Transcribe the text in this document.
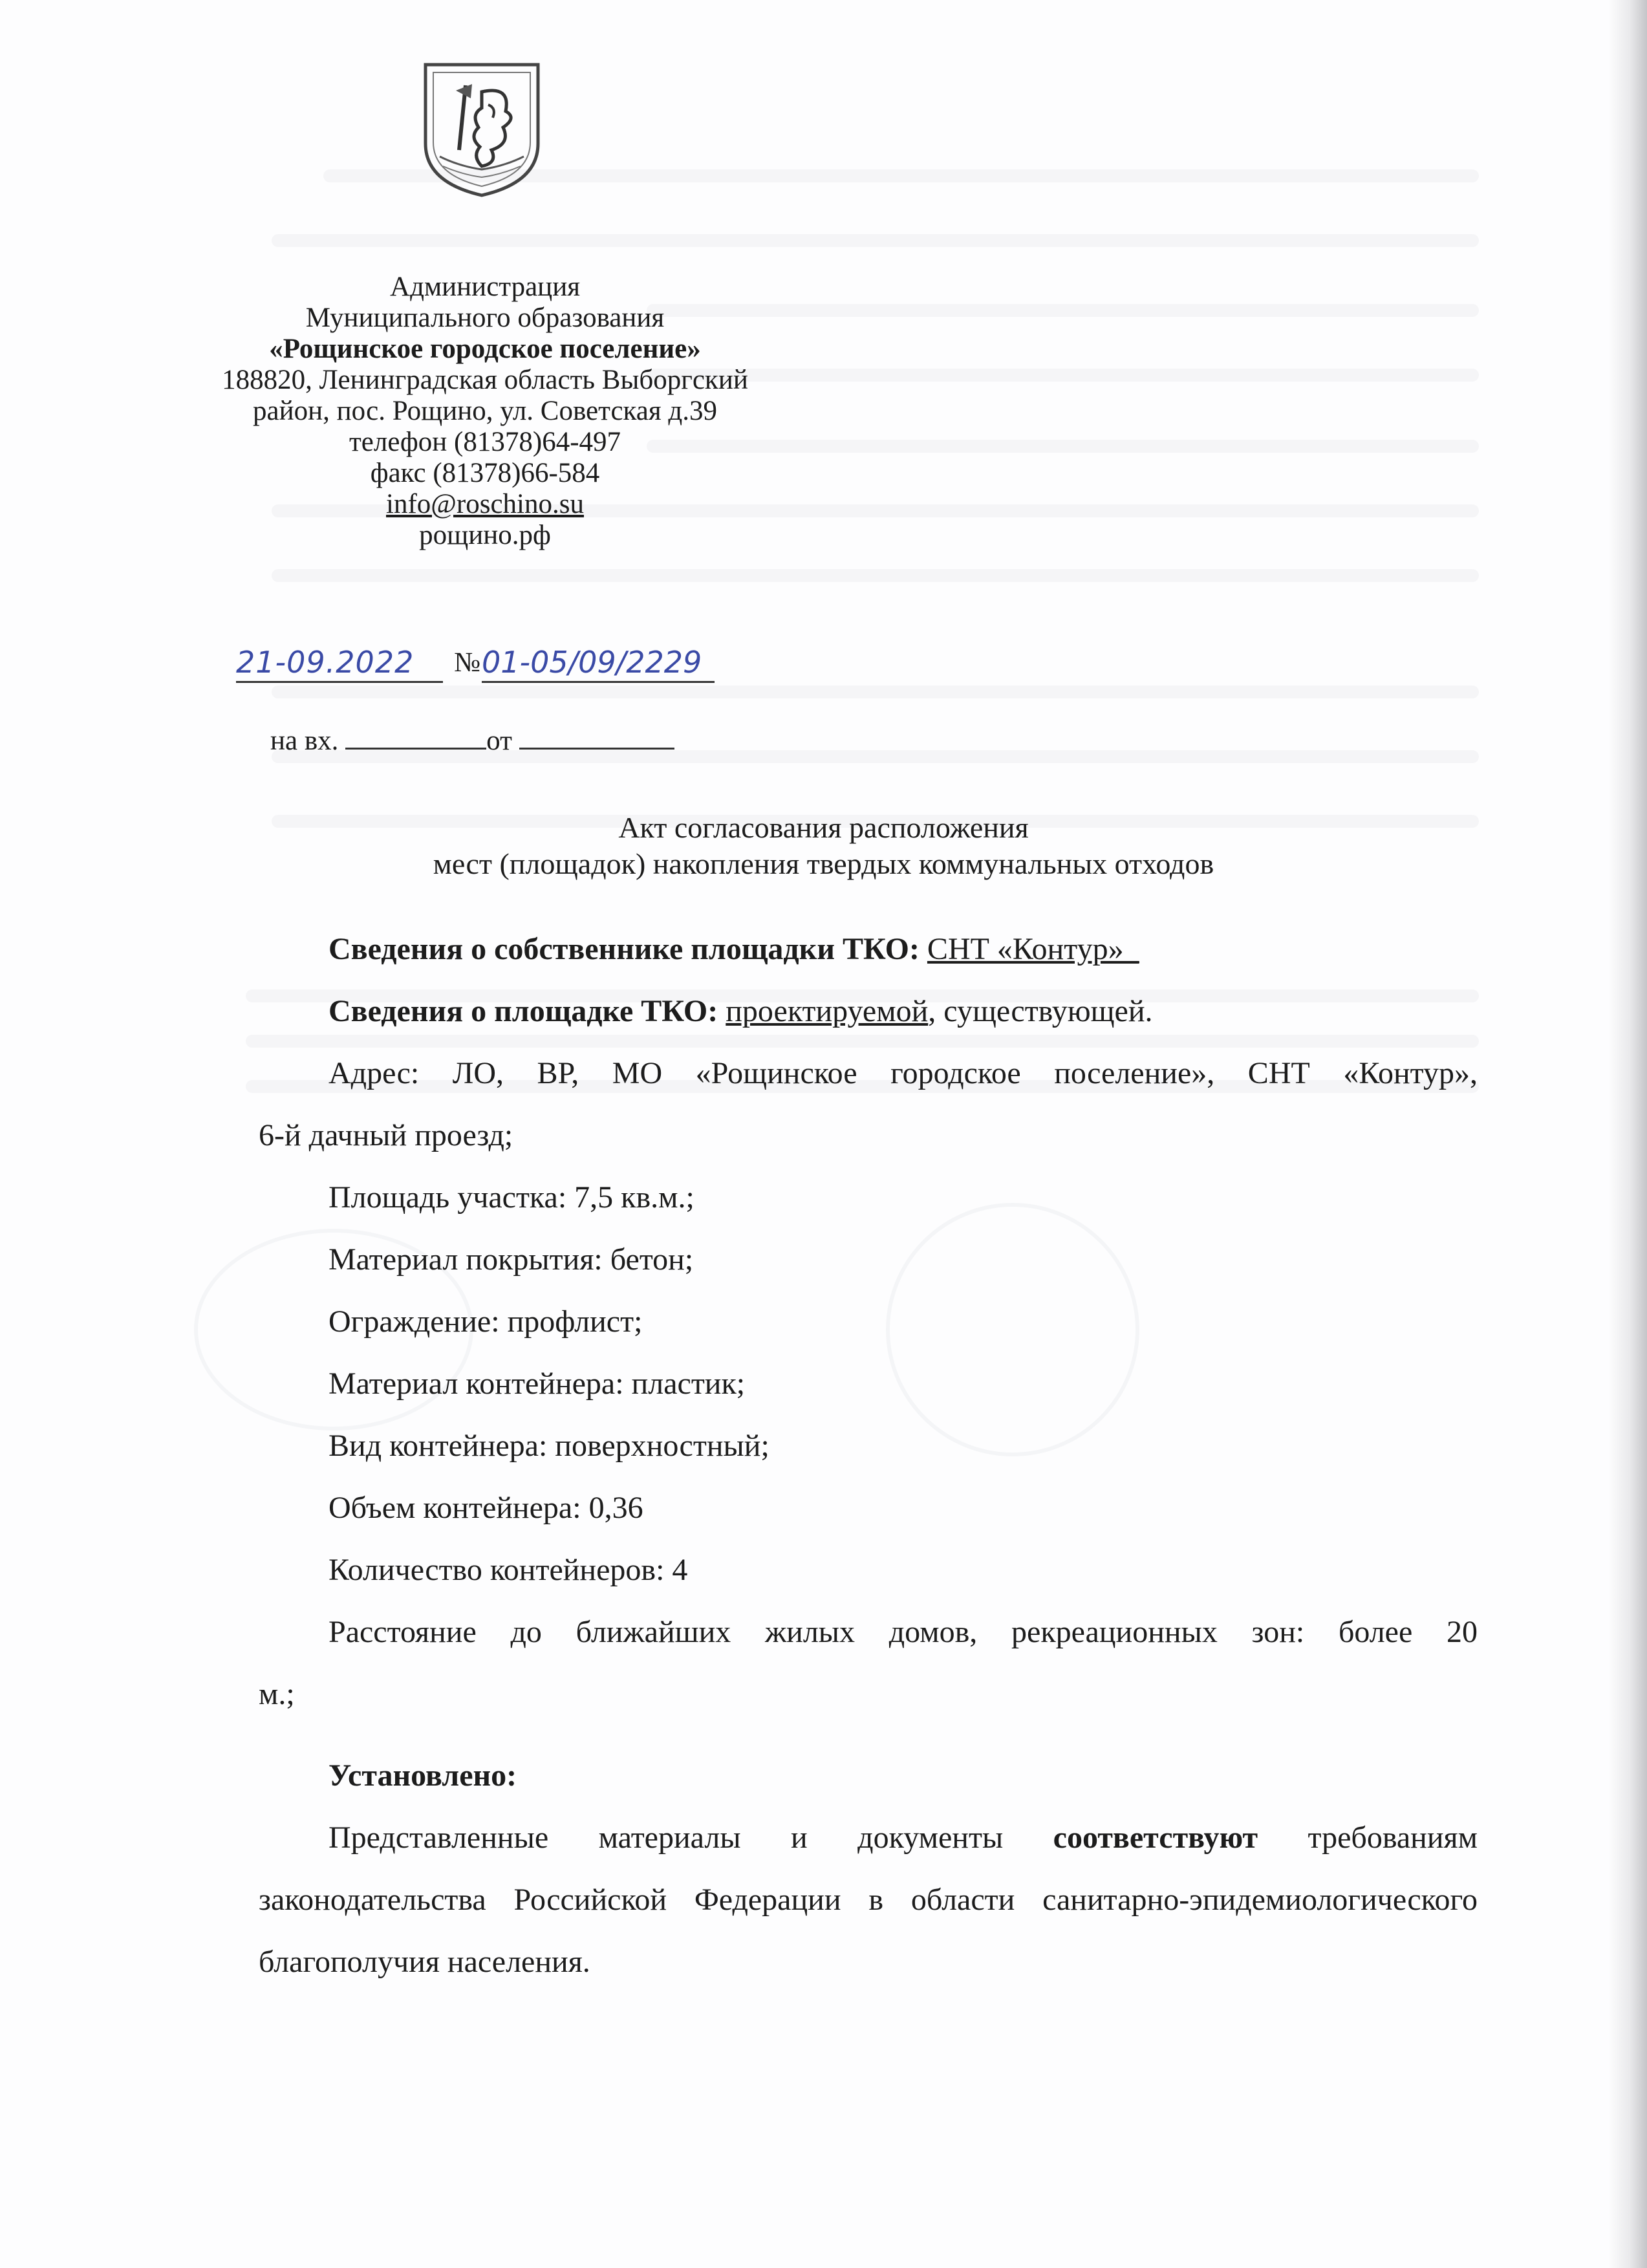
Администрация
Муниципального образования
«Рощинское городское поселение»
188820, Ленинградская область Выборгский
район, пос. Рощино, ул. Советская д.39
телефон (81378)64-497
факс (81378)66-584
info@roschino.su
рощино.рф
21-09.2022	№ 01-05/09/2229
на вх.	от
Акт согласования расположения
мест (площадок) накопления твердых коммунальных отходов

Сведения о собственнике площадки ТКО: СНТ «Контур»_

Сведения о площадке ТКО: проектируемой, существующей.

Адрес: ЛО, ВР, МО «Рощинское городское поселение», СНТ «Контур»,

6-й дачный проезд;

Площадь участка: 7,5 кв.м.;

Материал покрытия: бетон;

Ограждение: профлист;

Материал контейнера: пластик;

Вид контейнера: поверхностный;

Объем контейнера: 0,36

Количество контейнеров: 4

Расстояние до ближайших жилых домов, рекреационных зон: более 20

м.;

Установлено:

Представленные материалы и документы соответствуют требованиям законодательства Российской Федерации в области санитарно-эпидемиологического благополучия населения.
